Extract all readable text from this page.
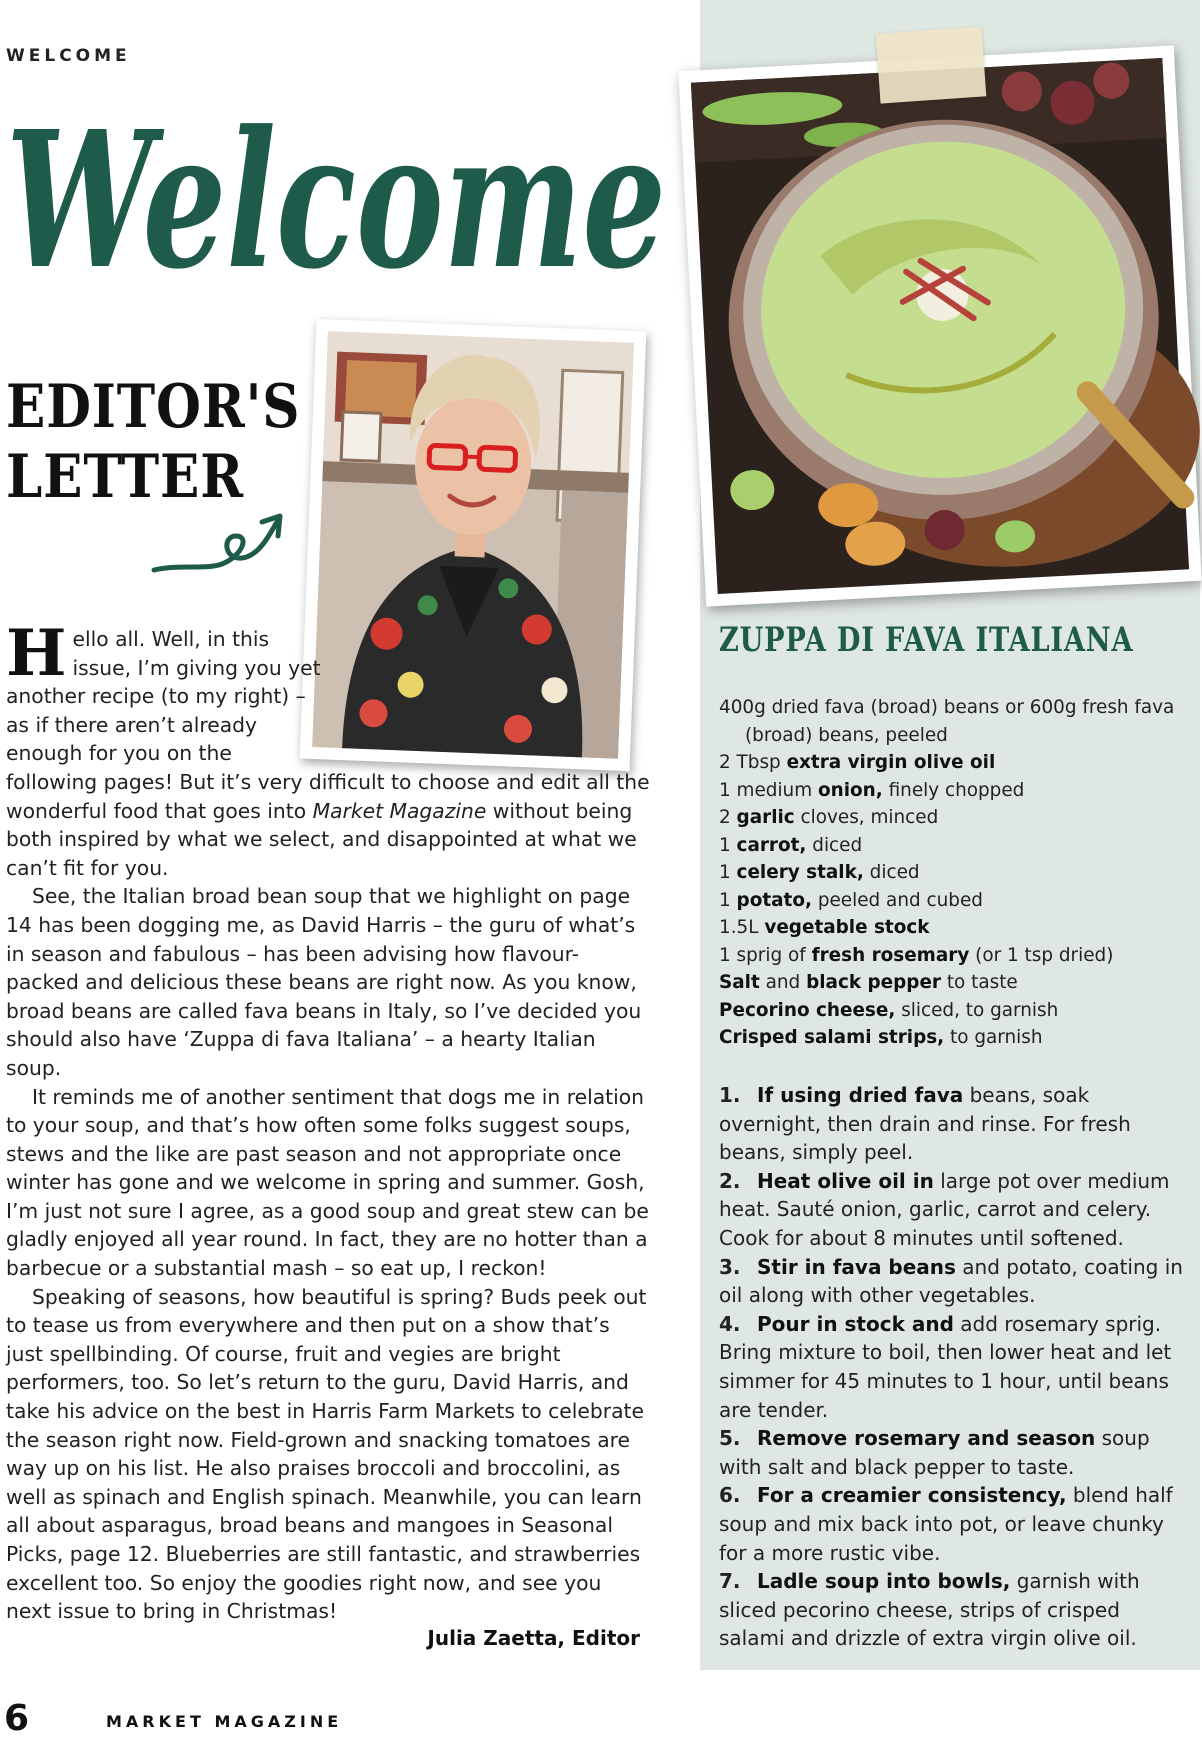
WELCOME
Welcome
EDITOR'S
LETTER

Hello all. Well, in this issue, I’m giving you yet another recipe (to my right) – as if there aren’t already enough for you on the following pages! But it’s very difficult to choose and edit all the wonderful food that goes into Market Magazine without being both inspired by what we select, and disappointed at what we can’t fit for you.

See, the Italian broad bean soup that we highlight on page 14 has been dogging me, as David Harris – the guru of what’s in season and fabulous – has been advising how flavour-packed and delicious these beans are right now. As you know, broad beans are called fava beans in Italy, so I’ve decided you should also have ‘Zuppa di fava Italiana’ – a hearty Italian soup.

It reminds me of another sentiment that dogs me in relation to your soup, and that’s how often some folks suggest soups, stews and the like are past season and not appropriate once winter has gone and we welcome in spring and summer. Gosh, I’m just not sure I agree, as a good soup and great stew can be gladly enjoyed all year round. In fact, they are no hotter than a barbecue or a substantial mash – so eat up, I reckon!

Speaking of seasons, how beautiful is spring? Buds peek out to tease us from everywhere and then put on a show that’s just spellbinding. Of course, fruit and vegies are bright performers, too. So let’s return to the guru, David Harris, and take his advice on the best in Harris Farm Markets to celebrate the season right now. Field-grown and snacking tomatoes are way up on his list. He also praises broccoli and broccolini, as well as spinach and English spinach. Meanwhile, you can learn all about asparagus, broad beans and mangoes in Seasonal Picks, page 12. Blueberries are still fantastic, and strawberries excellent too. So enjoy the goodies right now, and see you next issue to bring in Christmas!

Julia Zaetta, Editor
6	MARKET MAGAZINE
ZUPPA DI FAVA ITALIANA
400g dried fava (broad) beans or 600g fresh fava (broad) beans, peeled
2 Tbsp extra virgin olive oil
1 medium onion, finely chopped
2 garlic cloves, minced
1 carrot, diced
1 celery stalk, diced
1 potato, peeled and cubed
1.5L vegetable stock
1 sprig of fresh rosemary (or 1 tsp dried)
Salt and black pepper to taste
Pecorino cheese, sliced, to garnish
Crisped salami strips, to garnish
1. If using dried fava beans, soak overnight, then drain and rinse. For fresh beans, simply peel.
2. Heat olive oil in large pot over medium heat. Sauté onion, garlic, carrot and celery. Cook for about 8 minutes until softened.
3. Stir in fava beans and potato, coating in oil along with other vegetables.
4. Pour in stock and add rosemary sprig. Bring mixture to boil, then lower heat and let simmer for 45 minutes to 1 hour, until beans are tender.
5. Remove rosemary and season soup with salt and black pepper to taste.
6. For a creamier consistency, blend half soup and mix back into pot, or leave chunky for a more rustic vibe.
7. Ladle soup into bowls, garnish with sliced pecorino cheese, strips of crisped salami and drizzle of extra virgin olive oil.
